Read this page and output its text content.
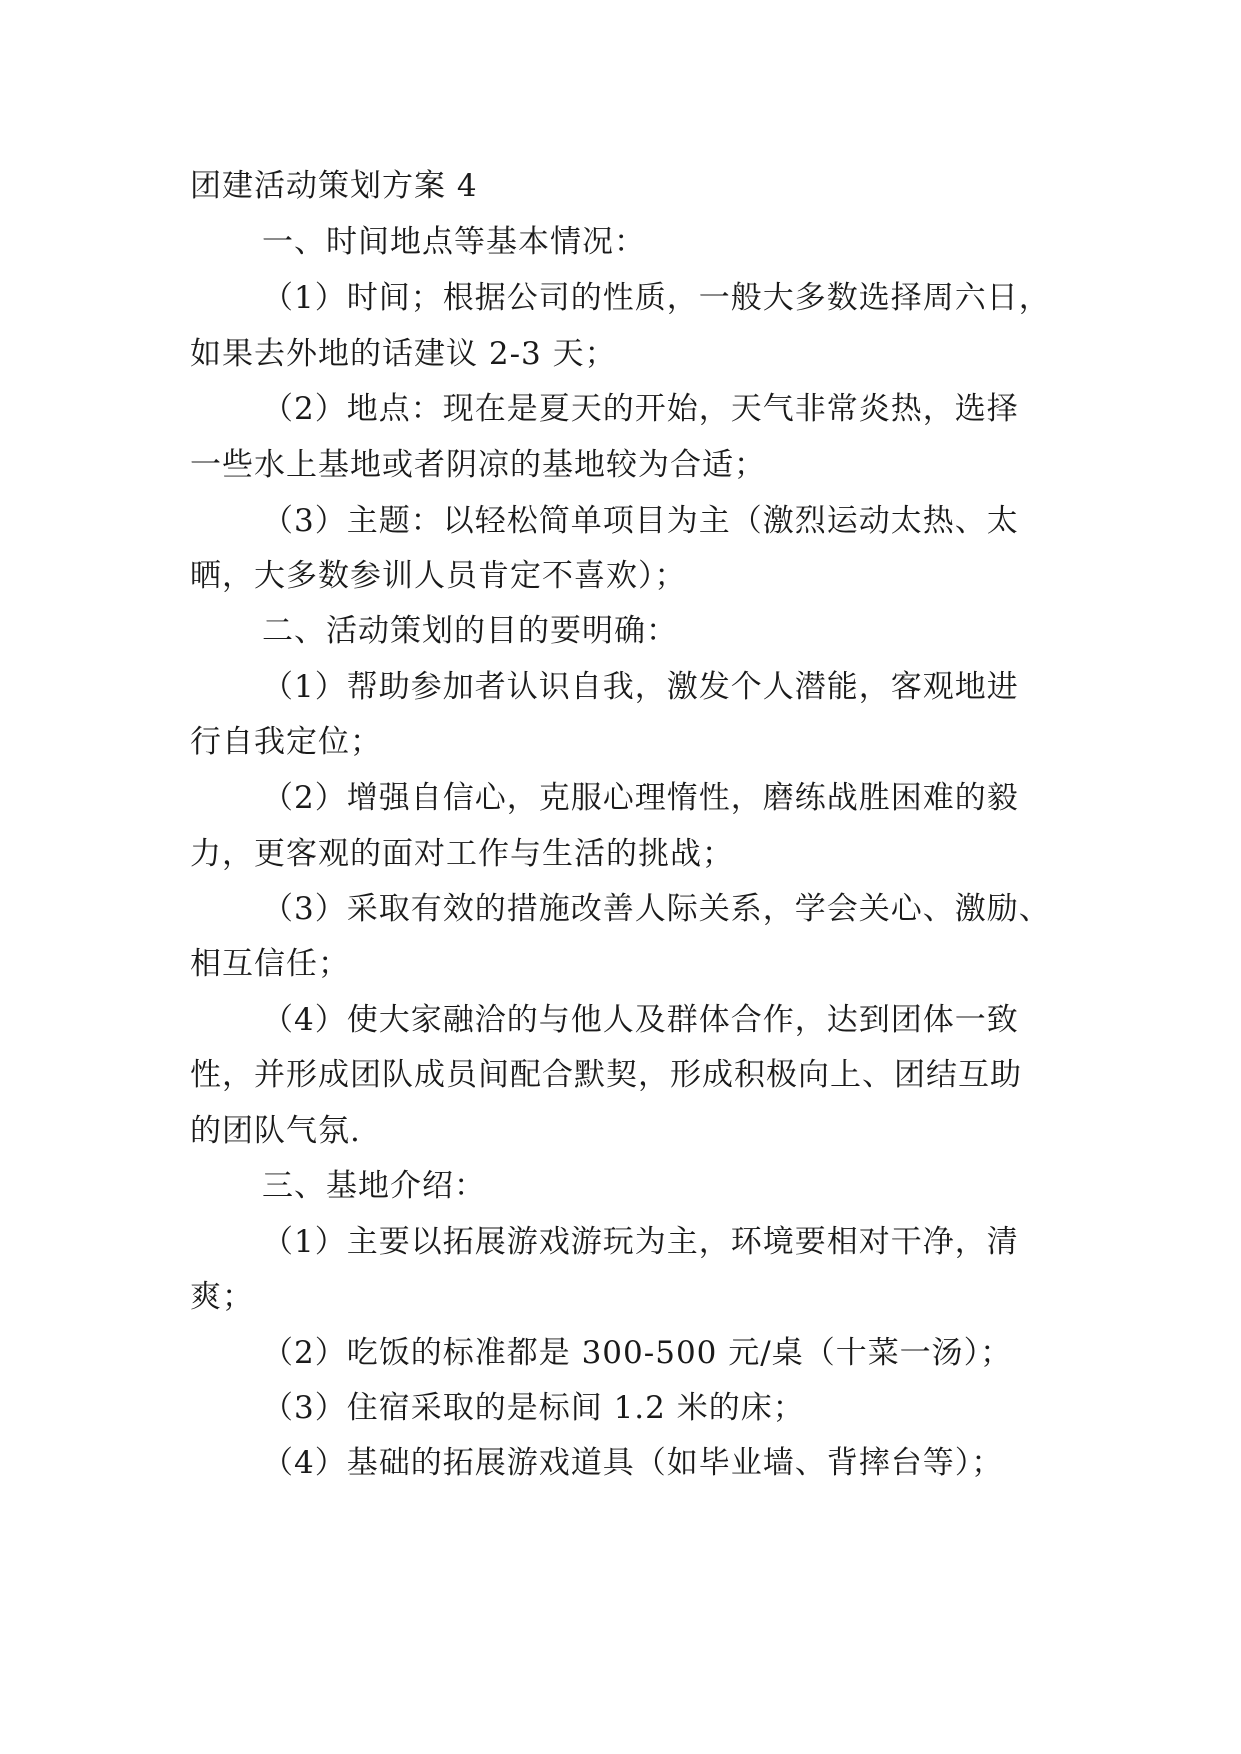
团建活动策划方案 4
一、时间地点等基本情况：
（1）时间；根据公司的性质，一般大多数选择周六日，
如果去外地的话建议 2-3 天；
（2）地点：现在是夏天的开始，天气非常炎热，选择
一些水上基地或者阴凉的基地较为合适；
（3）主题：以轻松简单项目为主（激烈运动太热、太
晒，大多数参训人员肯定不喜欢）；
二、活动策划的目的要明确：
（1）帮助参加者认识自我，激发个人潜能，客观地进
行自我定位；
（2）增强自信心，克服心理惰性，磨练战胜困难的毅
力，更客观的面对工作与生活的挑战；
（3）采取有效的措施改善人际关系，学会关心、激励、
相互信任；
（4）使大家融洽的与他人及群体合作，达到团体一致
性，并形成团队成员间配合默契，形成积极向上、团结互助
的团队气氛.
三、基地介绍：
（1）主要以拓展游戏游玩为主，环境要相对干净，清
爽；
（2）吃饭的标准都是 300-500 元/桌（十菜一汤）；
（3）住宿采取的是标间 1.2 米的床；
（4）基础的拓展游戏道具（如毕业墙、背摔台等）；
